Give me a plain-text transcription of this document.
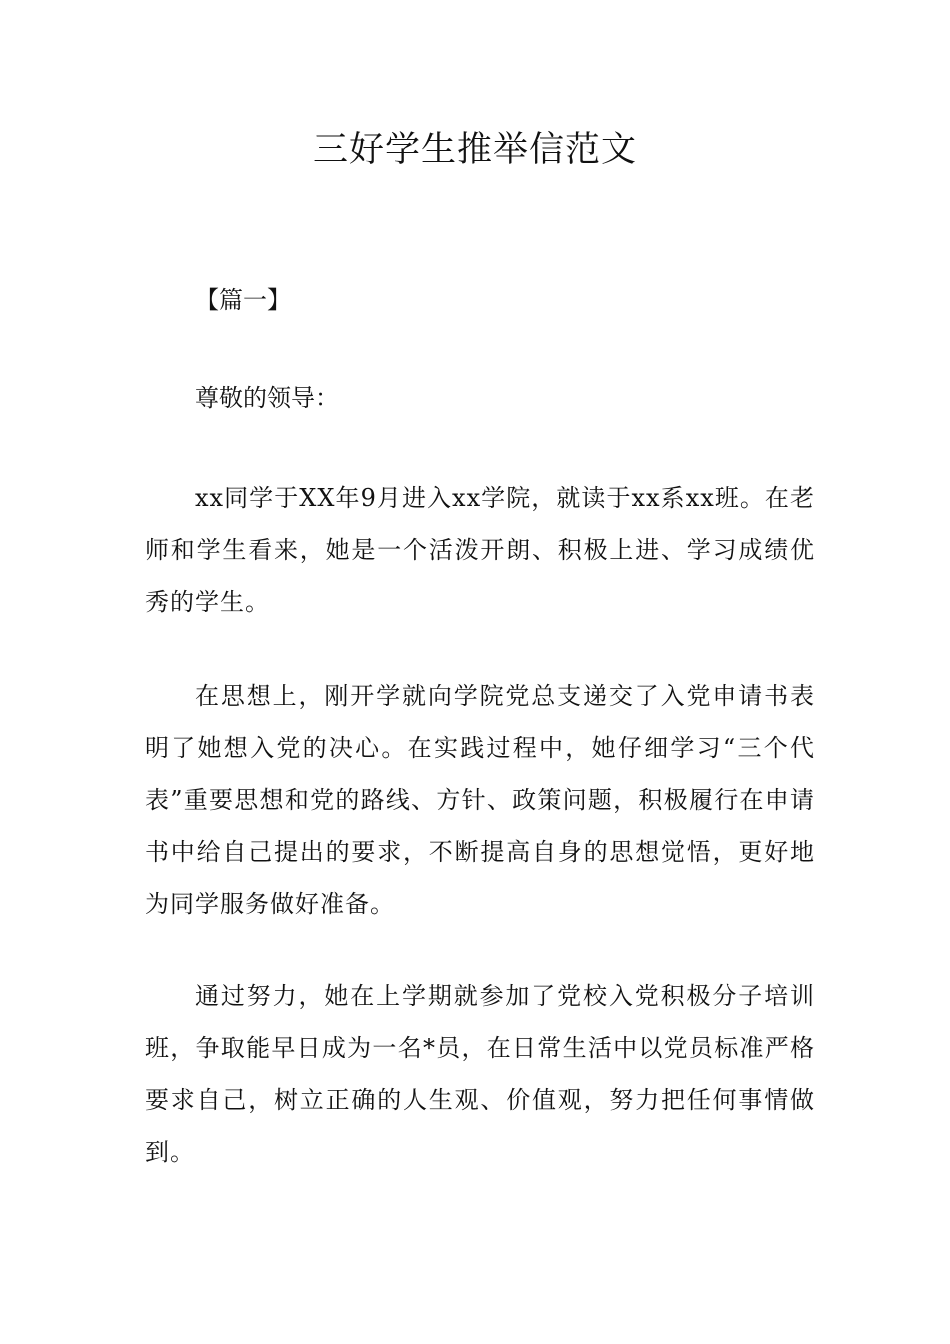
三好学生推举信范文
【篇一】
尊敬的领导：

xx同学于XX年9月进入xx学院，就读于xx系xx班。在老师和学生看来，她是一个活泼开朗、积极上进、学习成绩优秀的学生。

在思想上，刚开学就向学院党总支递交了入党申请书表明了她想入党的决心。在实践过程中，她仔细学习“三个代表”重要思想和党的路线、方针、政策问题，积极履行在申请书中给自己提出的要求，不断提高自身的思想觉悟，更好地为同学服务做好准备。

通过努力，她在上学期就参加了党校入党积极分子培训班，争取能早日成为一名*员，在日常生活中以党员标准严格要求自己，树立正确的人生观、价值观，努力把任何事情做到。
